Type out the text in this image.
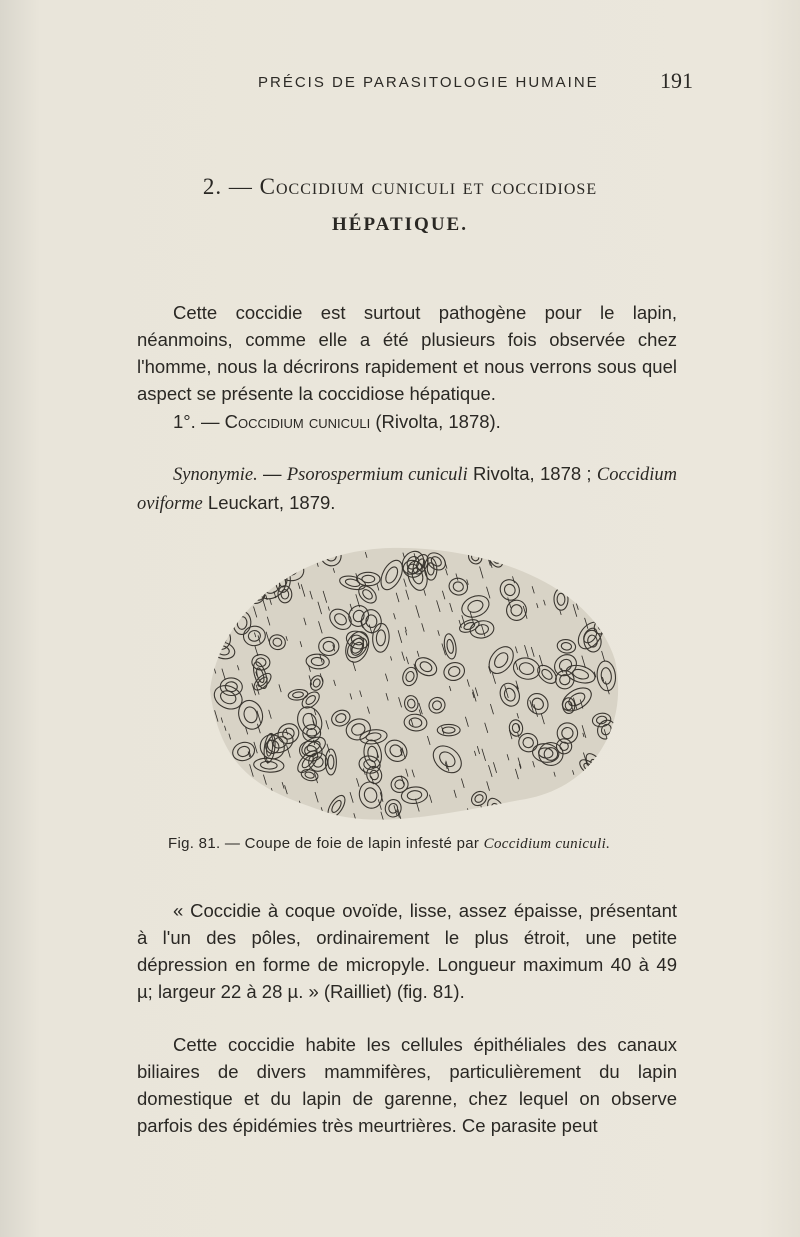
PRÉCIS DE PARASITOLOGIE HUMAINE	191
2. — Coccidium cuniculi et coccidiose
HÉPATIQUE.

Cette coccidie est surtout pathogène pour le lapin, néanmoins, comme elle a été plusieurs fois observée chez l'homme, nous la décrirons rapidement et nous verrons sous quel aspect se présente la coccidiose hépatique.

1°. — Coccidium cuniculi (Rivolta, 1878).
Synonymie. — Psorospermium cuniculi Rivolta, 1878 ; Coccidium oviforme Leuckart, 1879.
Fig. 81. — Coupe de foie de lapin infesté par Coccidium cuniculi.

« Coccidie à coque ovoïde, lisse, assez épaisse, présentant à l'un des pôles, ordinairement le plus étroit, une petite dépression en forme de micropyle. Longueur maximum 40 à 49 µ; largeur 22 à 28 µ. » (Railliet) (fig. 81).

Cette coccidie habite les cellules épithéliales des canaux biliaires de divers mammifères, particulièrement du lapin domestique et du lapin de garenne, chez lequel on observe parfois des épidémies très meurtrières. Ce parasite peut
